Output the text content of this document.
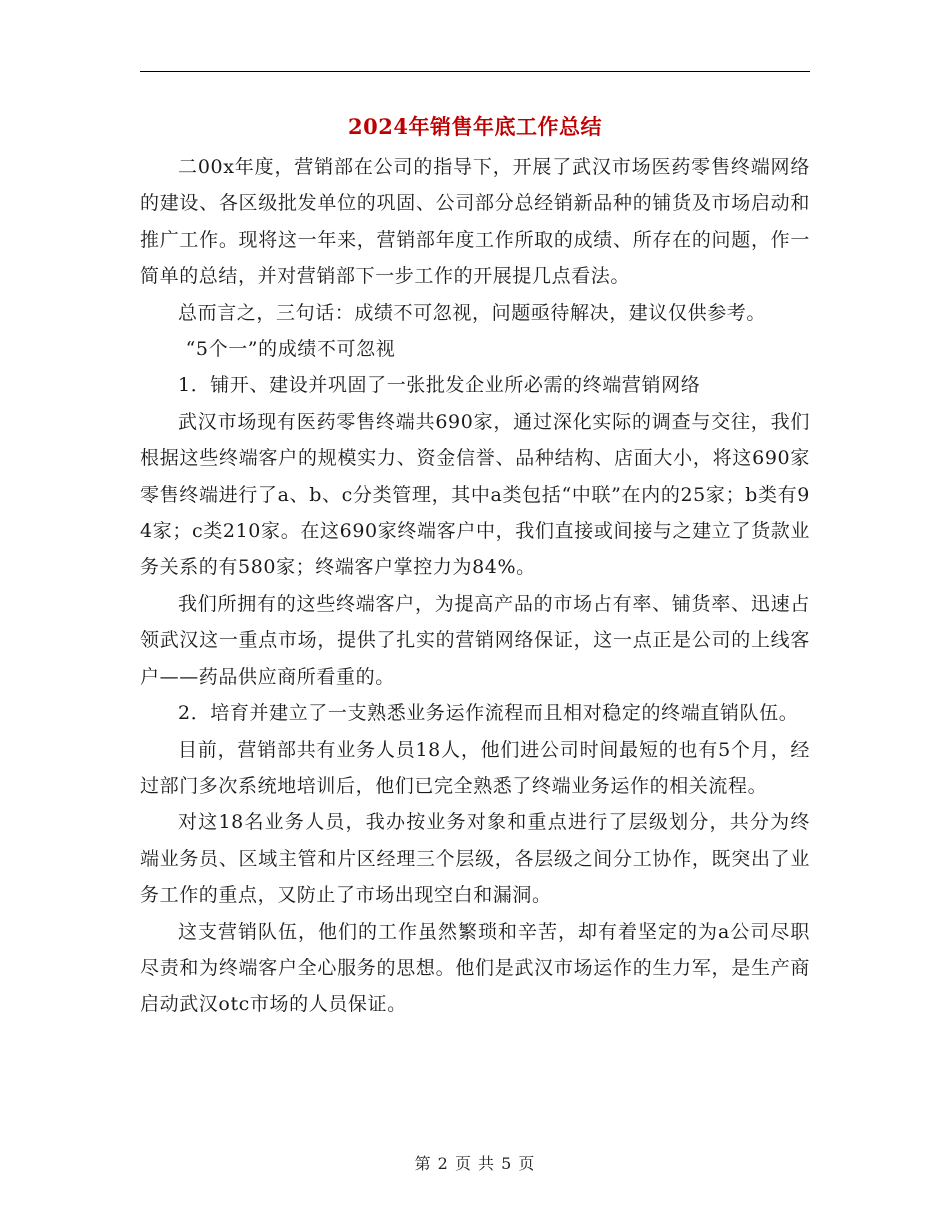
2024年销售年底工作总结

二00x年度，营销部在公司的指导下，开展了武汉市场医药零售终端网络的建设、各区级批发单位的巩固、公司部分总经销新品种的铺货及市场启动和推广工作。现将这一年来，营销部年度工作所取的成绩、所存在的问题，作一简单的总结，并对营销部下一步工作的开展提几点看法。

总而言之，三句话：成绩不可忽视，问题亟待解决，建议仅供参考。

“5个一”的成绩不可忽视

1．铺开、建设并巩固了一张批发企业所必需的终端营销网络

武汉市场现有医药零售终端共690家，通过深化实际的调查与交往，我们根据这些终端客户的规模实力、资金信誉、品种结构、店面大小，将这690家零售终端进行了a、b、c分类管理，其中a类包括“中联”在内的25家；b类有94家；c类210家。在这690家终端客户中，我们直接或间接与之建立了货款业务关系的有580家；终端客户掌控力为84%。

我们所拥有的这些终端客户，为提高产品的市场占有率、铺货率、迅速占领武汉这一重点市场，提供了扎实的营销网络保证，这一点正是公司的上线客户——药品供应商所看重的。

2．培育并建立了一支熟悉业务运作流程而且相对稳定的终端直销队伍。

目前，营销部共有业务人员18人，他们进公司时间最短的也有5个月，经过部门多次系统地培训后，他们已完全熟悉了终端业务运作的相关流程。

对这18名业务人员，我办按业务对象和重点进行了层级划分，共分为终端业务员、区域主管和片区经理三个层级，各层级之间分工协作，既突出了业务工作的重点，又防止了市场出现空白和漏洞。

这支营销队伍，他们的工作虽然繁琐和辛苦，却有着坚定的为a公司尽职尽责和为终端客户全心服务的思想。他们是武汉市场运作的生力军，是生产商启动武汉otc市场的人员保证。

第 2 页 共 5 页
